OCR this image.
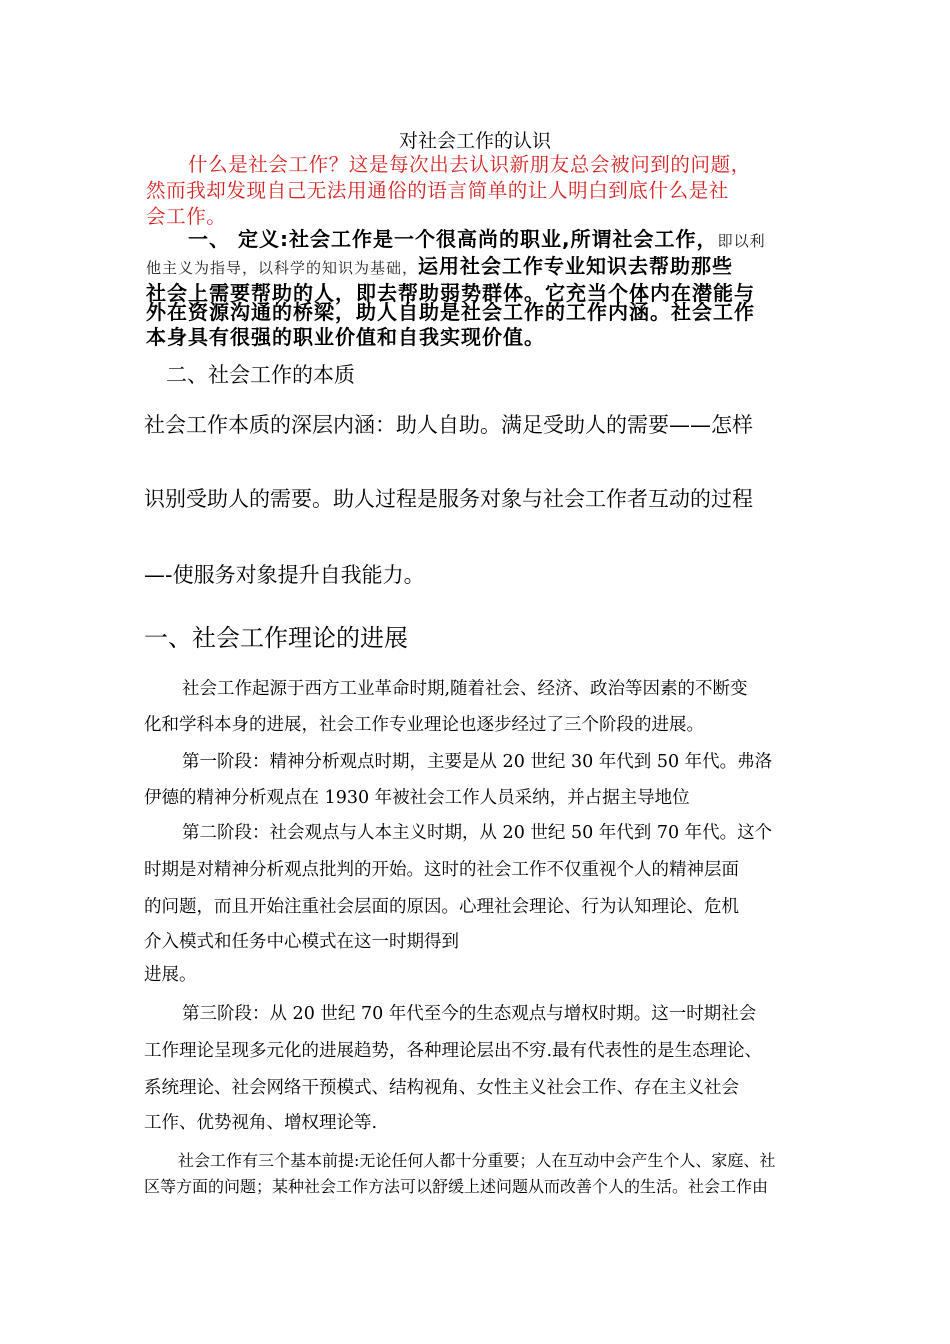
对社会工作的认识
什么是社会工作？这是每次出去认识新朋友总会被问到的问题，
然而我却发现自己无法用通俗的语言简单的让人明白到底什么是社
会工作。
一、 定义:社会工作是一个很高尚的职业,所谓社会工作，即以利
他主义为指导，以科学的知识为基础，运用社会工作专业知识去帮助那些
社会上需要帮助的人，即去帮助弱势群体。它充当个体内在潜能与
外在资源沟通的桥梁，助人自助是社会工作的工作内涵。社会工作
本身具有很强的职业价值和自我实现价值。
二、社会工作的本质
社会工作本质的深层内涵：助人自助。满足受助人的需要——怎样
识别受助人的需要。助人过程是服务对象与社会工作者互动的过程
—-使服务对象提升自我能力。
一、社会工作理论的进展
社会工作起源于西方工业革命时期,随着社会、经济、政治等因素的不断变
化和学科本身的进展，社会工作专业理论也逐步经过了三个阶段的进展。
第一阶段：精神分析观点时期，主要是从 20 世纪 30 年代到 50 年代。弗洛
伊德的精神分析观点在 1930 年被社会工作人员采纳，并占据主导地位
第二阶段：社会观点与人本主义时期，从 20 世纪 50 年代到 70 年代。这个
时期是对精神分析观点批判的开始。这时的社会工作不仅重视个人的精神层面
的问题，而且开始注重社会层面的原因。心理社会理论、行为认知理论、危机
介入模式和任务中心模式在这一时期得到
进展。
第三阶段：从 20 世纪 70 年代至今的生态观点与增权时期。这一时期社会
工作理论呈现多元化的进展趋势，各种理论层出不穷.最有代表性的是生态理论、
系统理论、社会网络干预模式、结构视角、女性主义社会工作、存在主义社会
工作、优势视角、增权理论等.
社会工作有三个基本前提:无论任何人都十分重要；人在互动中会产生个人、家庭、社
区等方面的问题；某种社会工作方法可以舒缓上述问题从而改善个人的生活。社会工作由
